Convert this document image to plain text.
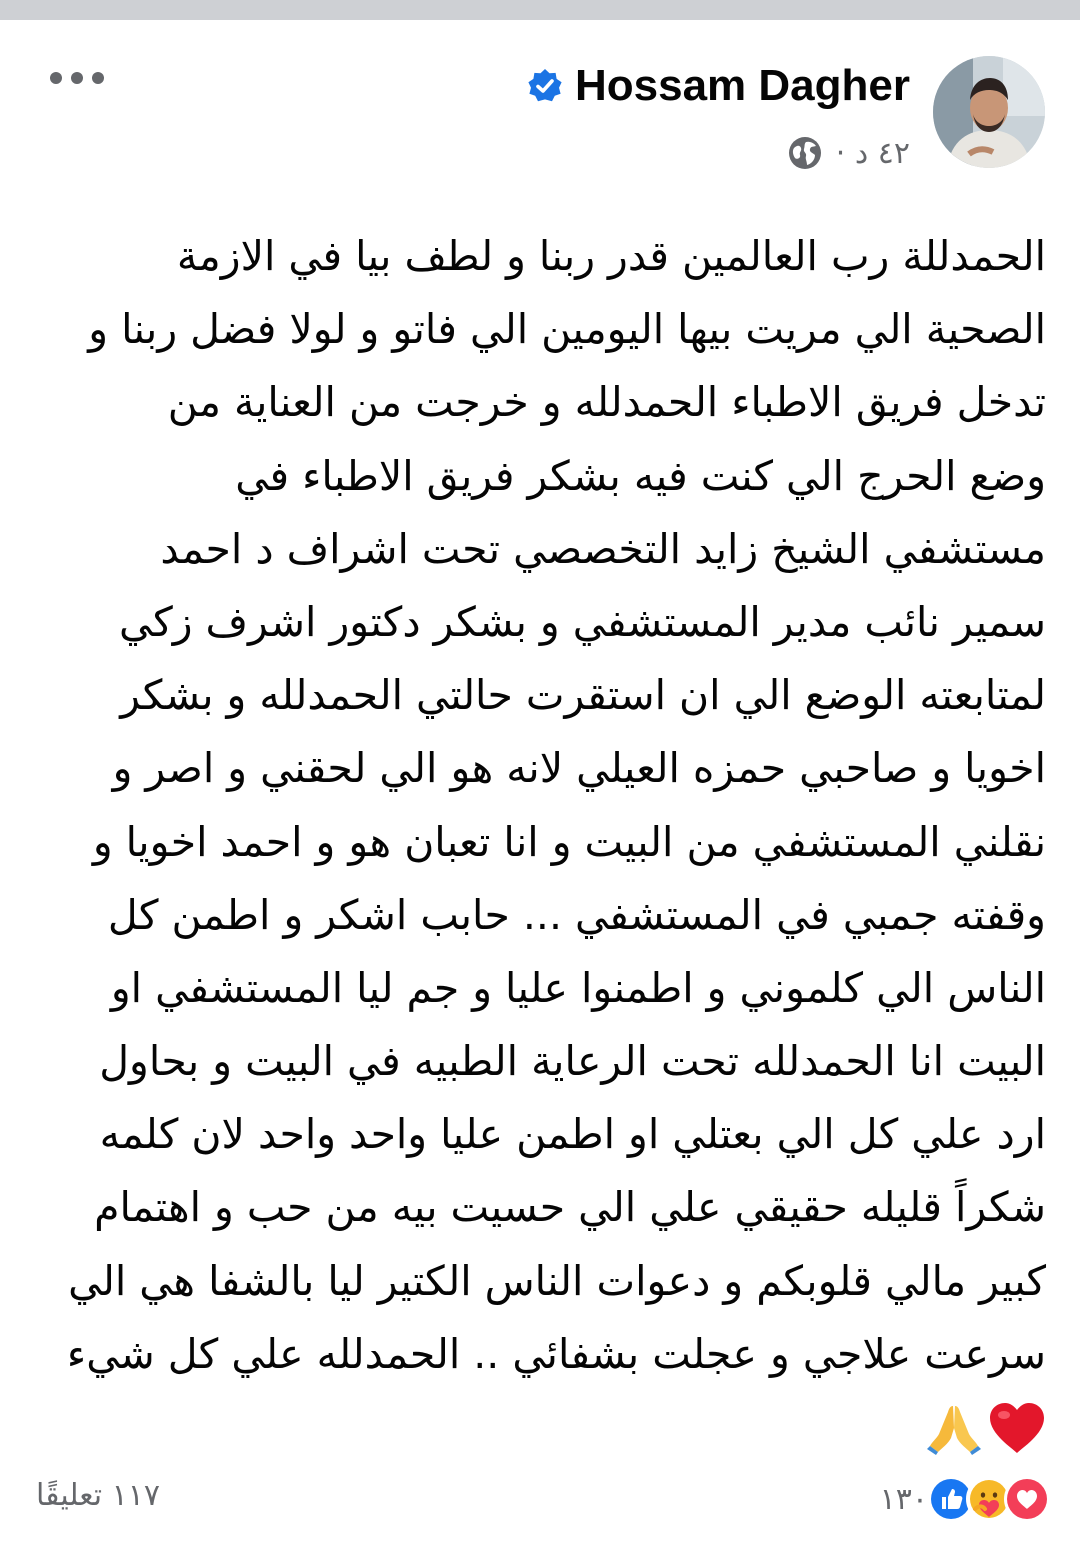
Hossam Dagher
٤٢ د ·
الحمدللة رب العالمين قدر ربنا و لطف بيا في الازمة
الصحية الي مريت بيها اليومين الي فاتو و لولا فضل ربنا و
تدخل فريق الاطباء الحمدلله و خرجت من العناية من
وضع الحرج الي كنت فيه بشكر فريق الاطباء في
مستشفي الشيخ زايد التخصصي تحت اشراف د احمد
سمير نائب مدير المستشفي و بشكر دكتور اشرف زكي
لمتابعته الوضع الي ان استقرت حالتي الحمدلله و بشكر
اخويا و صاحبي حمزه العيلي لانه هو الي لحقني و اصر و
نقلني المستشفي من البيت و انا تعبان هو و احمد اخويا و
وقفته جمبي في المستشفي ... حابب اشكر و اطمن كل
الناس الي كلموني و اطمنوا عليا و جم ليا المستشفي او
البيت انا الحمدلله تحت الرعاية الطبيه في البيت و بحاول
ارد علي كل الي بعتلي او اطمن عليا واحد واحد لان كلمه
شكراً قليله حقيقي علي الي حسيت بيه من حب و اهتمام
كبير مالي قلوبكم و دعوات الناس الكتير ليا بالشفا هي الي
سرعت علاجي و عجلت بشفائي .. الحمدلله علي كل شيء
١١٧ تعليقًا	١٣٠
